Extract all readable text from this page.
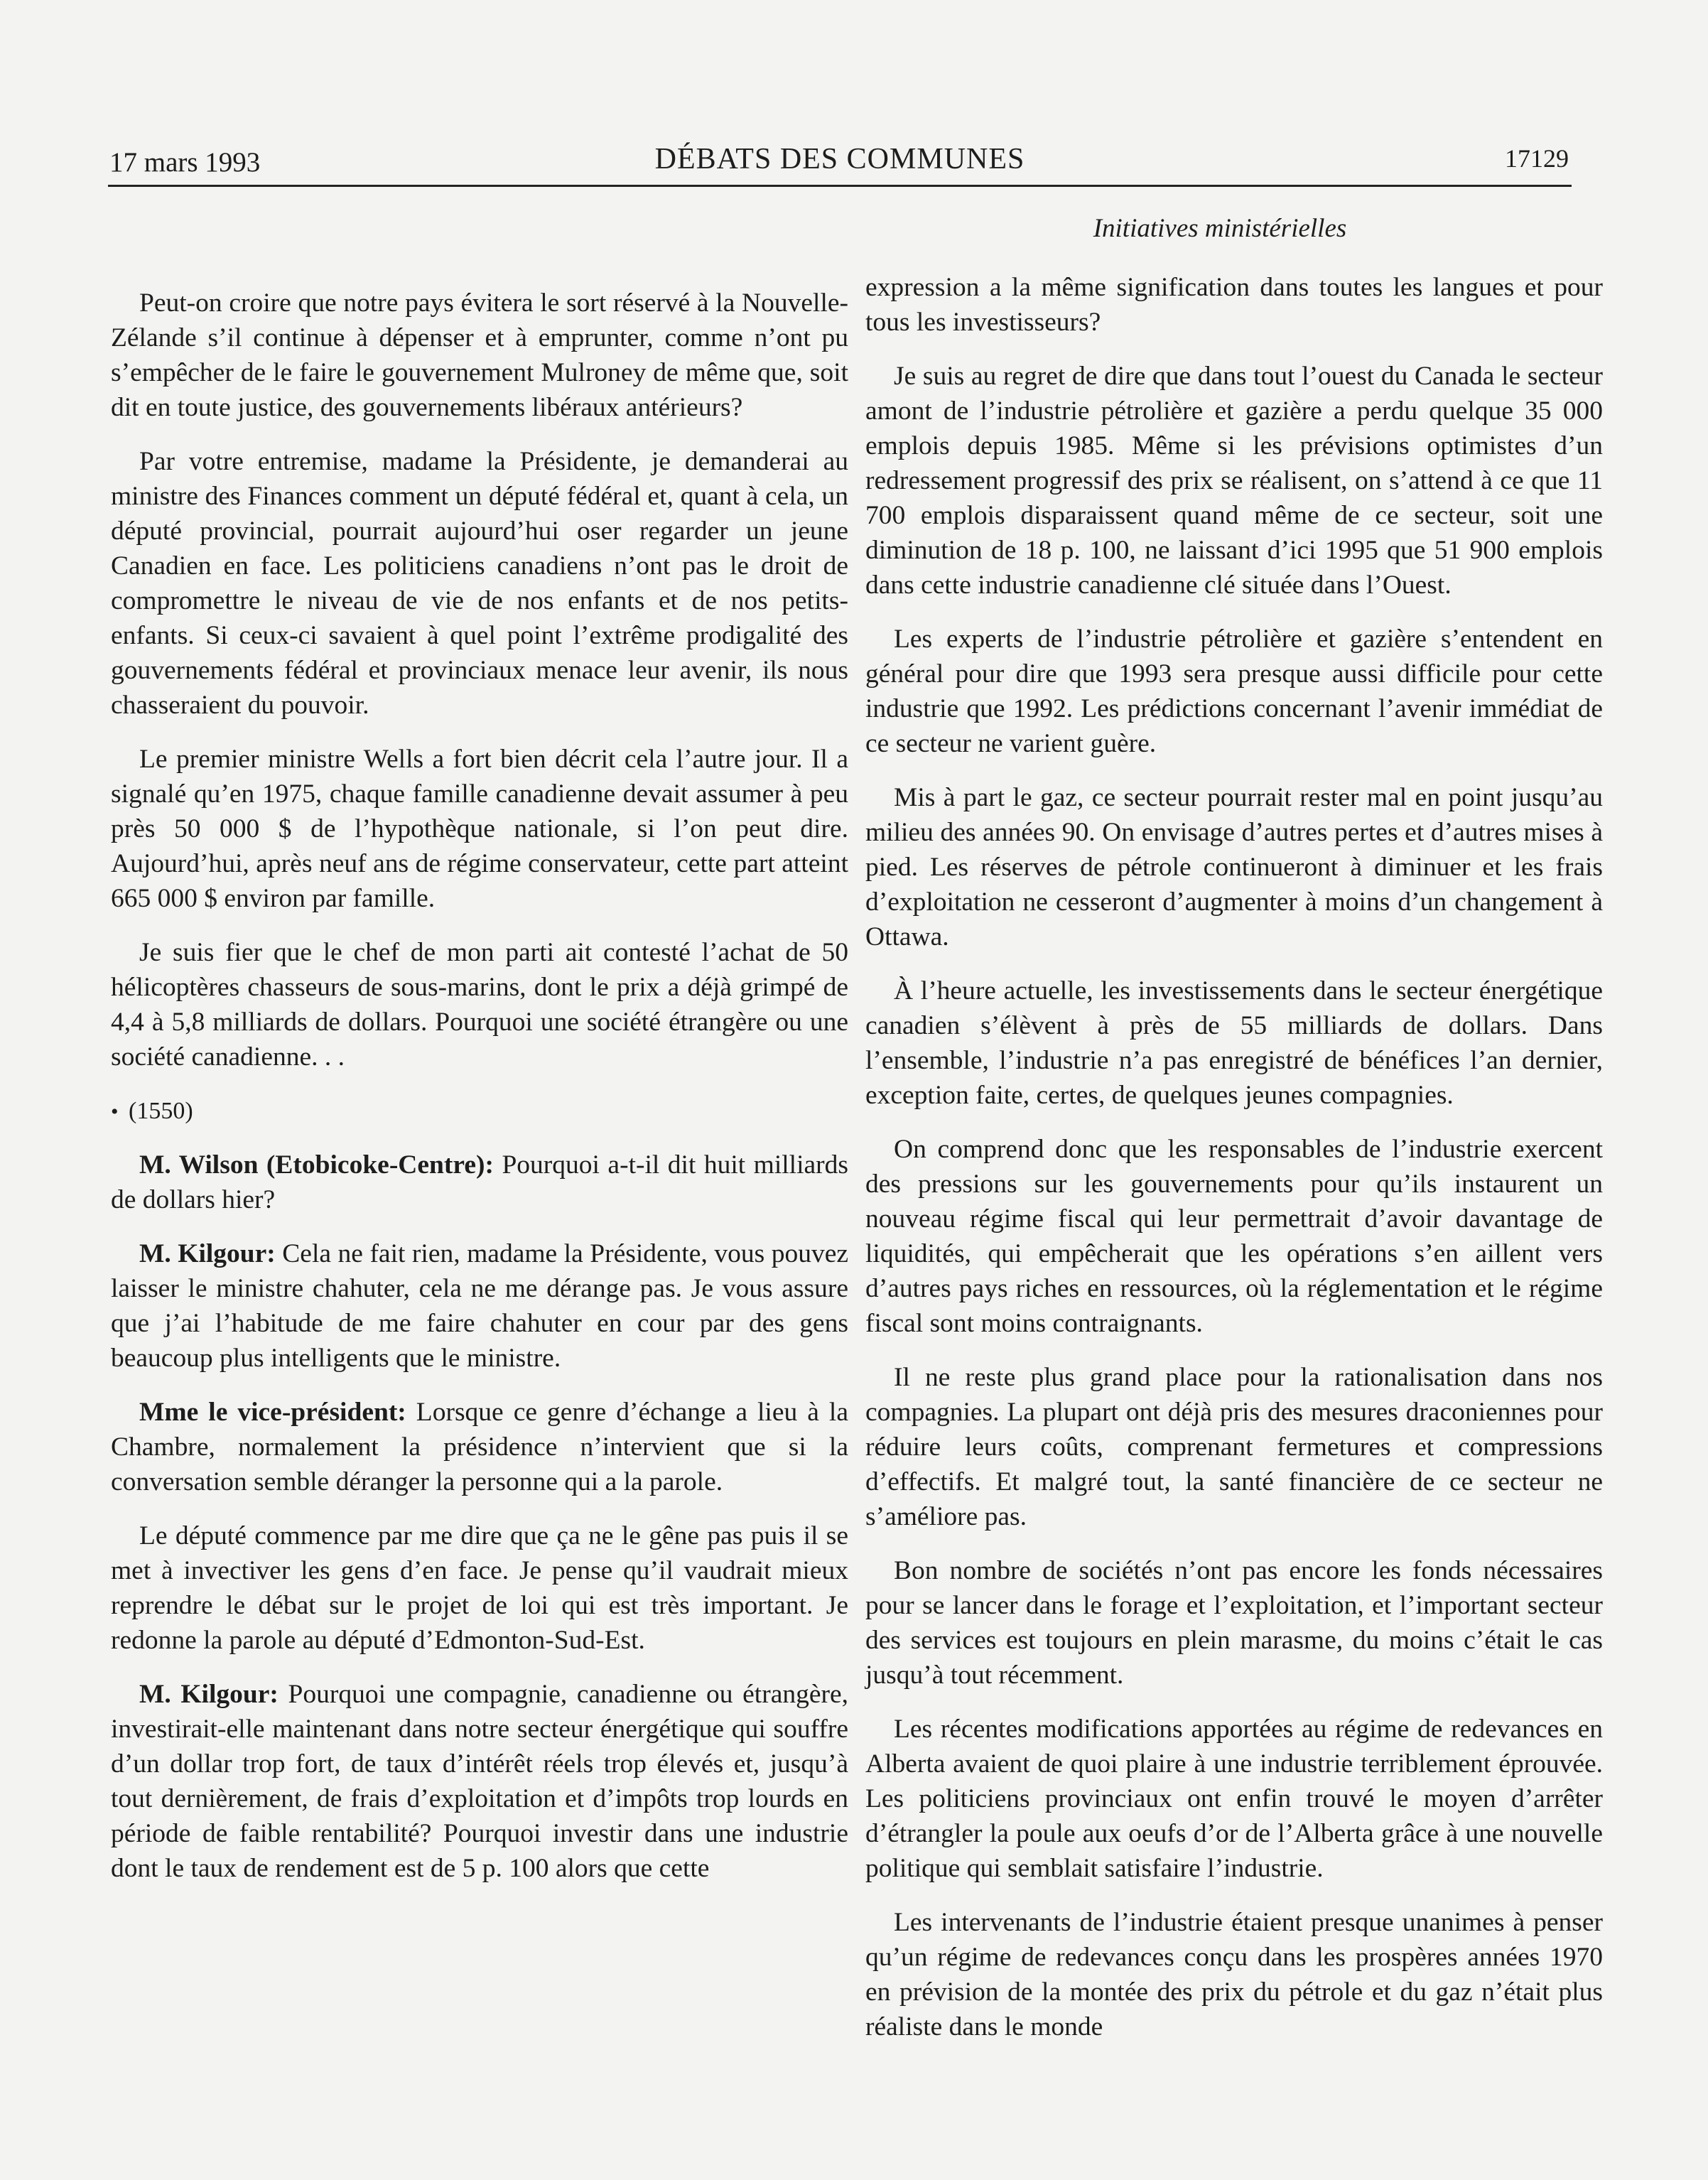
17 mars 1993	DÉBATS DES COMMUNES	17129
Initiatives ministérielles

Peut-on croire que notre pays évitera le sort réservé à la Nouvelle-Zélande s’il continue à dépenser et à emprunter, comme n’ont pu s’empêcher de le faire le gouvernement Mulroney de même que, soit dit en toute justice, des gouvernements libéraux antérieurs?

Par votre entremise, madame la Présidente, je demanderai au ministre des Finances comment un député fédéral et, quant à cela, un député provincial, pourrait aujourd’hui oser regarder un jeune Canadien en face. Les politiciens canadiens n’ont pas le droit de compromettre le niveau de vie de nos enfants et de nos petits-enfants. Si ceux-ci savaient à quel point l’extrême prodigalité des gouvernements fédéral et provinciaux menace leur avenir, ils nous chasseraient du pouvoir.

Le premier ministre Wells a fort bien décrit cela l’autre jour. Il a signalé qu’en 1975, chaque famille canadienne devait assumer à peu près 50 000 $ de l’hypothèque nationale, si l’on peut dire. Aujourd’hui, après neuf ans de régime conservateur, cette part atteint 665 000 $ environ par famille.

Je suis fier que le chef de mon parti ait contesté l’achat de 50 hélicoptères chasseurs de sous-marins, dont le prix a déjà grimpé de 4,4 à 5,8 milliards de dollars. Pourquoi une société étrangère ou une société canadienne. . .

• (1550)

M. Wilson (Etobicoke-Centre): Pourquoi a-t-il dit huit milliards de dollars hier?

M. Kilgour: Cela ne fait rien, madame la Présidente, vous pouvez laisser le ministre chahuter, cela ne me dérange pas. Je vous assure que j’ai l’habitude de me faire chahuter en cour par des gens beaucoup plus intelligents que le ministre.

Mme le vice-président: Lorsque ce genre d’échange a lieu à la Chambre, normalement la présidence n’intervient que si la conversation semble déranger la personne qui a la parole.

Le député commence par me dire que ça ne le gêne pas puis il se met à invectiver les gens d’en face. Je pense qu’il vaudrait mieux reprendre le débat sur le projet de loi qui est très important. Je redonne la parole au député d’Edmonton-Sud-Est.

M. Kilgour: Pourquoi une compagnie, canadienne ou étrangère, investirait-elle maintenant dans notre secteur énergétique qui souffre d’un dollar trop fort, de taux d’intérêt réels trop élevés et, jusqu’à tout dernièrement, de frais d’exploitation et d’impôts trop lourds en période de faible rentabilité? Pourquoi investir dans une industrie dont le taux de rendement est de 5 p. 100 alors que cette

expression a la même signification dans toutes les langues et pour tous les investisseurs?

Je suis au regret de dire que dans tout l’ouest du Canada le secteur amont de l’industrie pétrolière et gazière a perdu quelque 35 000 emplois depuis 1985. Même si les prévisions optimistes d’un redressement progressif des prix se réalisent, on s’attend à ce que 11 700 emplois disparaissent quand même de ce secteur, soit une diminution de 18 p. 100, ne laissant d’ici 1995 que 51 900 emplois dans cette industrie canadienne clé située dans l’Ouest.

Les experts de l’industrie pétrolière et gazière s’entendent en général pour dire que 1993 sera presque aussi difficile pour cette industrie que 1992. Les prédictions concernant l’avenir immédiat de ce secteur ne varient guère.

Mis à part le gaz, ce secteur pourrait rester mal en point jusqu’au milieu des années 90. On envisage d’autres pertes et d’autres mises à pied. Les réserves de pétrole continueront à diminuer et les frais d’exploitation ne cesseront d’augmenter à moins d’un changement à Ottawa.

À l’heure actuelle, les investissements dans le secteur énergétique canadien s’élèvent à près de 55 milliards de dollars. Dans l’ensemble, l’industrie n’a pas enregistré de bénéfices l’an dernier, exception faite, certes, de quelques jeunes compagnies.

On comprend donc que les responsables de l’industrie exercent des pressions sur les gouvernements pour qu’ils instaurent un nouveau régime fiscal qui leur permettrait d’avoir davantage de liquidités, qui empêcherait que les opérations s’en aillent vers d’autres pays riches en ressources, où la réglementation et le régime fiscal sont moins contraignants.

Il ne reste plus grand place pour la rationalisation dans nos compagnies. La plupart ont déjà pris des mesures draconiennes pour réduire leurs coûts, comprenant fermetures et compressions d’effectifs. Et malgré tout, la santé financière de ce secteur ne s’améliore pas.

Bon nombre de sociétés n’ont pas encore les fonds nécessaires pour se lancer dans le forage et l’exploitation, et l’important secteur des services est toujours en plein marasme, du moins c’était le cas jusqu’à tout récemment.

Les récentes modifications apportées au régime de redevances en Alberta avaient de quoi plaire à une industrie terriblement éprouvée. Les politiciens provinciaux ont enfin trouvé le moyen d’arrêter d’étrangler la poule aux oeufs d’or de l’Alberta grâce à une nouvelle politique qui semblait satisfaire l’industrie.

Les intervenants de l’industrie étaient presque unanimes à penser qu’un régime de redevances conçu dans les prospères années 1970 en prévision de la montée des prix du pétrole et du gaz n’était plus réaliste dans le monde
